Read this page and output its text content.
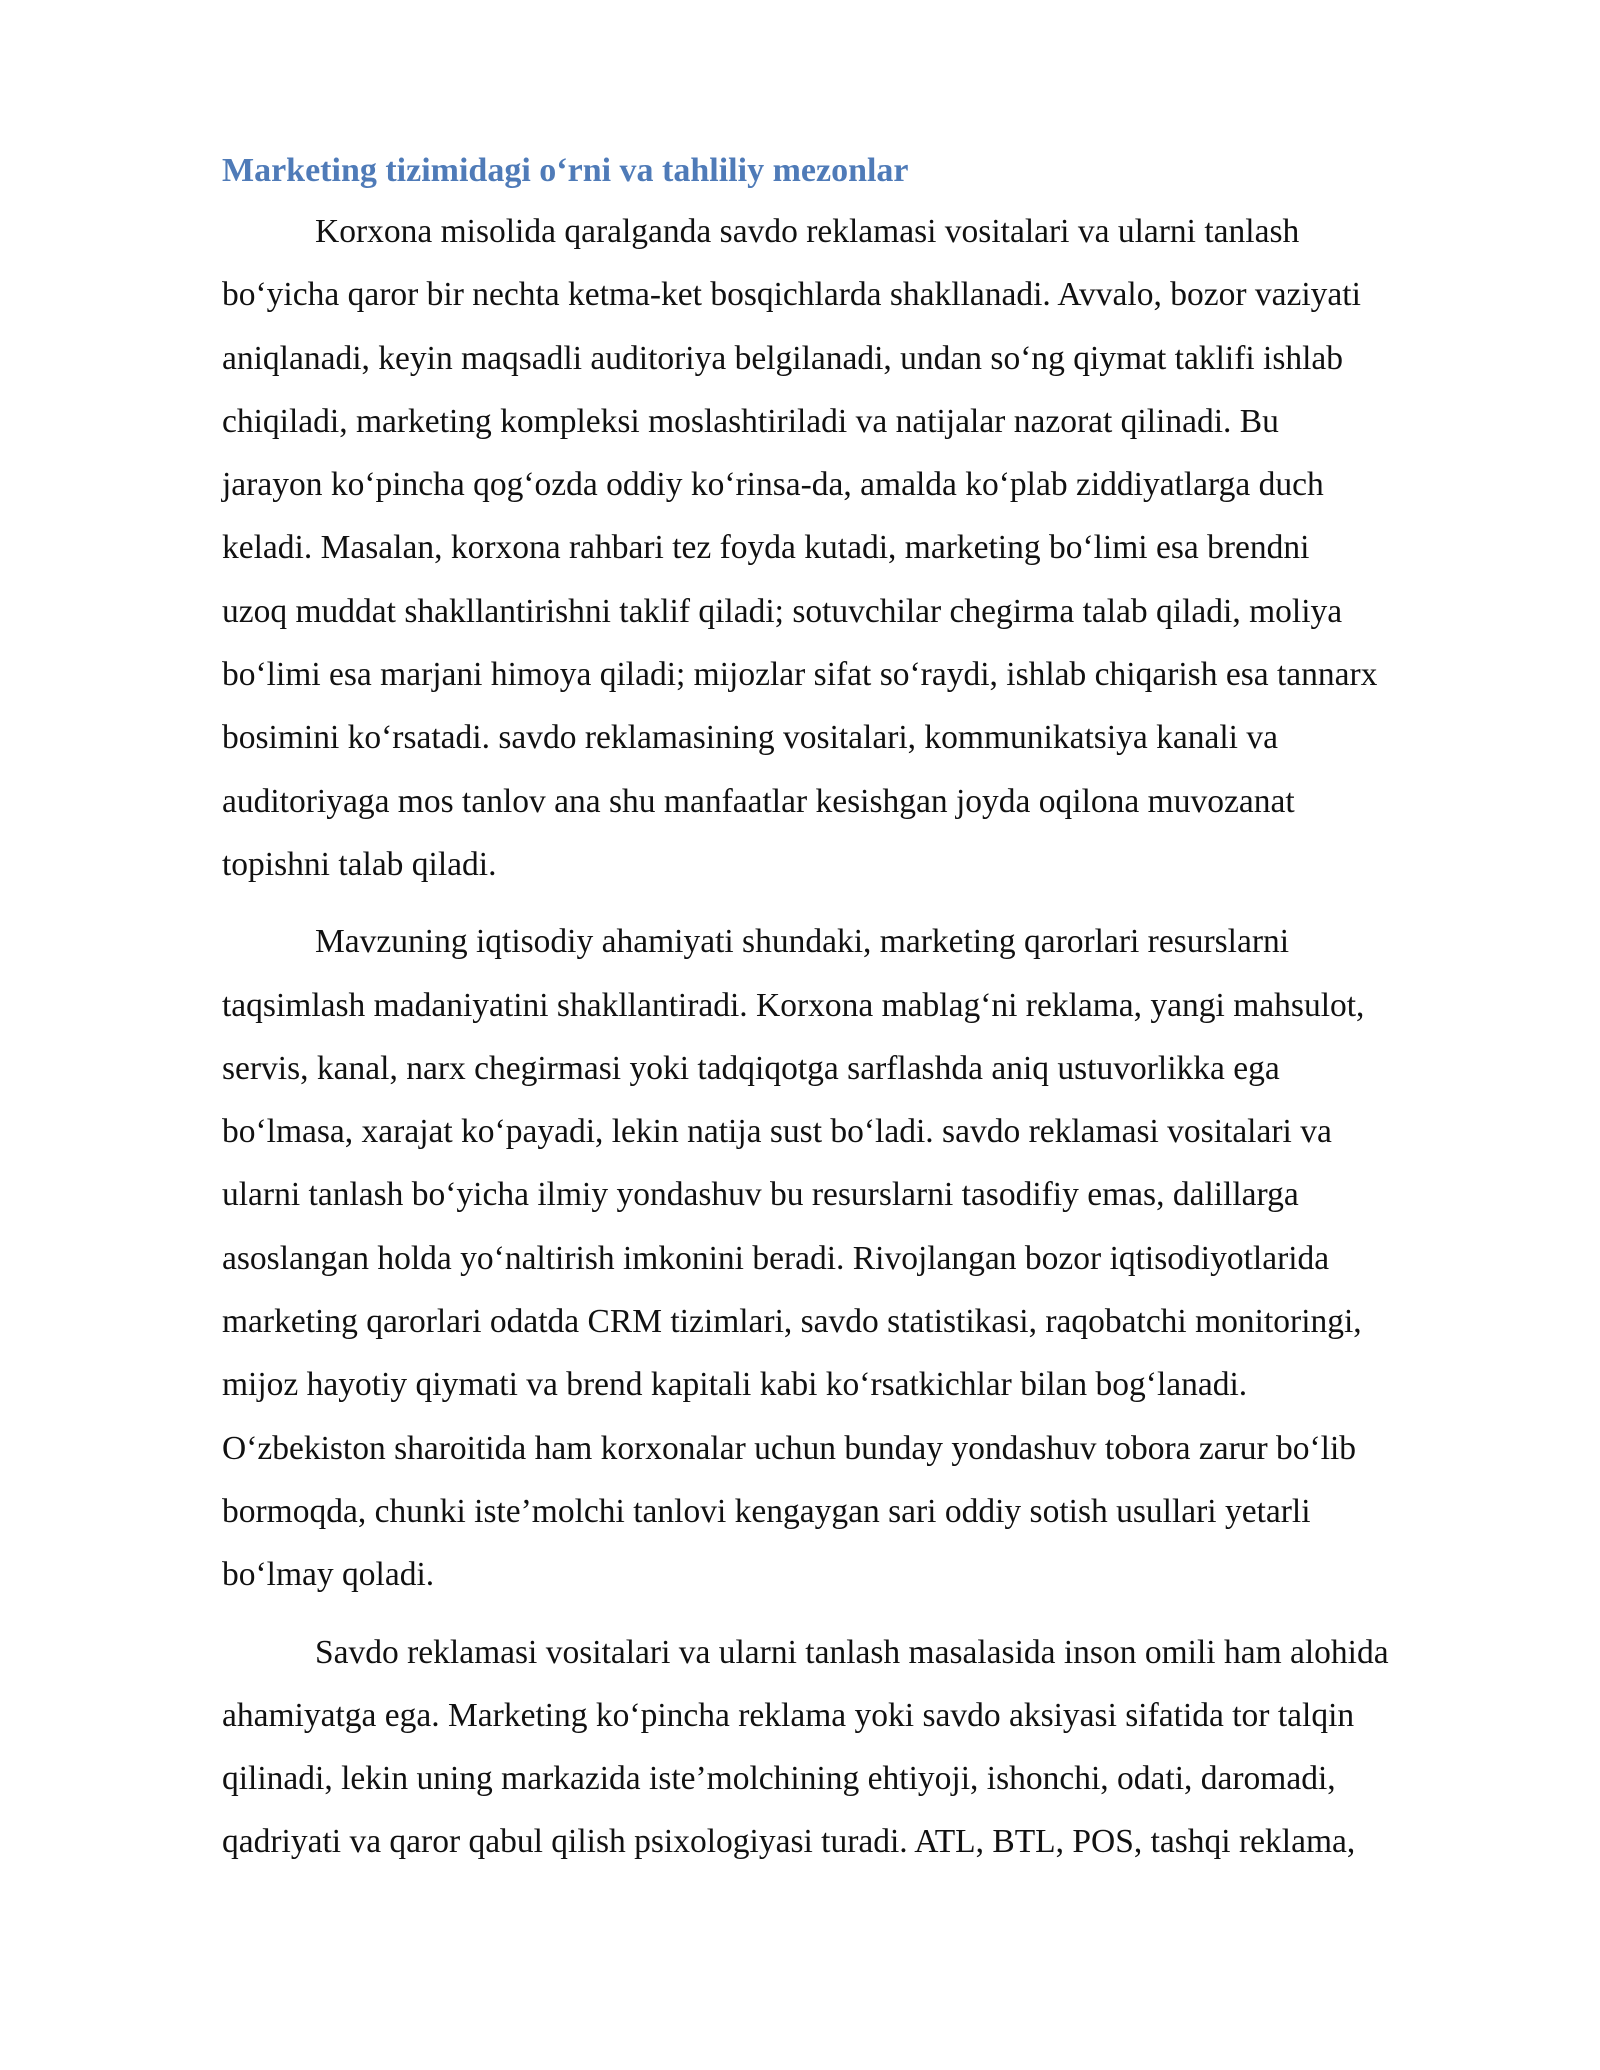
Marketing tizimidagi o‘rni va tahliliy mezonlar

Korxona misolida qaralganda savdo reklamasi vositalari va ularni tanlash
bo‘yicha qaror bir nechta ketma-ket bosqichlarda shakllanadi. Avvalo, bozor vaziyati
aniqlanadi, keyin maqsadli auditoriya belgilanadi, undan so‘ng qiymat taklifi ishlab
chiqiladi, marketing kompleksi moslashtiriladi va natijalar nazorat qilinadi. Bu
jarayon ko‘pincha qog‘ozda oddiy ko‘rinsa-da, amalda ko‘plab ziddiyatlarga duch
keladi. Masalan, korxona rahbari tez foyda kutadi, marketing bo‘limi esa brendni
uzoq muddat shakllantirishni taklif qiladi; sotuvchilar chegirma talab qiladi, moliya
bo‘limi esa marjani himoya qiladi; mijozlar sifat so‘raydi, ishlab chiqarish esa tannarx
bosimini ko‘rsatadi. savdo reklamasining vositalari, kommunikatsiya kanali va
auditoriyaga mos tanlov ana shu manfaatlar kesishgan joyda oqilona muvozanat
topishni talab qiladi.

Mavzuning iqtisodiy ahamiyati shundaki, marketing qarorlari resurslarni
taqsimlash madaniyatini shakllantiradi. Korxona mablag‘ni reklama, yangi mahsulot,
servis, kanal, narx chegirmasi yoki tadqiqotga sarflashda aniq ustuvorlikka ega
bo‘lmasa, xarajat ko‘payadi, lekin natija sust bo‘ladi. savdo reklamasi vositalari va
ularni tanlash bo‘yicha ilmiy yondashuv bu resurslarni tasodifiy emas, dalillarga
asoslangan holda yo‘naltirish imkonini beradi. Rivojlangan bozor iqtisodiyotlarida
marketing qarorlari odatda CRM tizimlari, savdo statistikasi, raqobatchi monitoringi,
mijoz hayotiy qiymati va brend kapitali kabi ko‘rsatkichlar bilan bog‘lanadi.
O‘zbekiston sharoitida ham korxonalar uchun bunday yondashuv tobora zarur bo‘lib
bormoqda, chunki iste’molchi tanlovi kengaygan sari oddiy sotish usullari yetarli
bo‘lmay qoladi.

Savdo reklamasi vositalari va ularni tanlash masalasida inson omili ham alohida
ahamiyatga ega. Marketing ko‘pincha reklama yoki savdo aksiyasi sifatida tor talqin
qilinadi, lekin uning markazida iste’molchining ehtiyoji, ishonchi, odati, daromadi,
qadriyati va qaror qabul qilish psixologiyasi turadi. ATL, BTL, POS, tashqi reklama,
